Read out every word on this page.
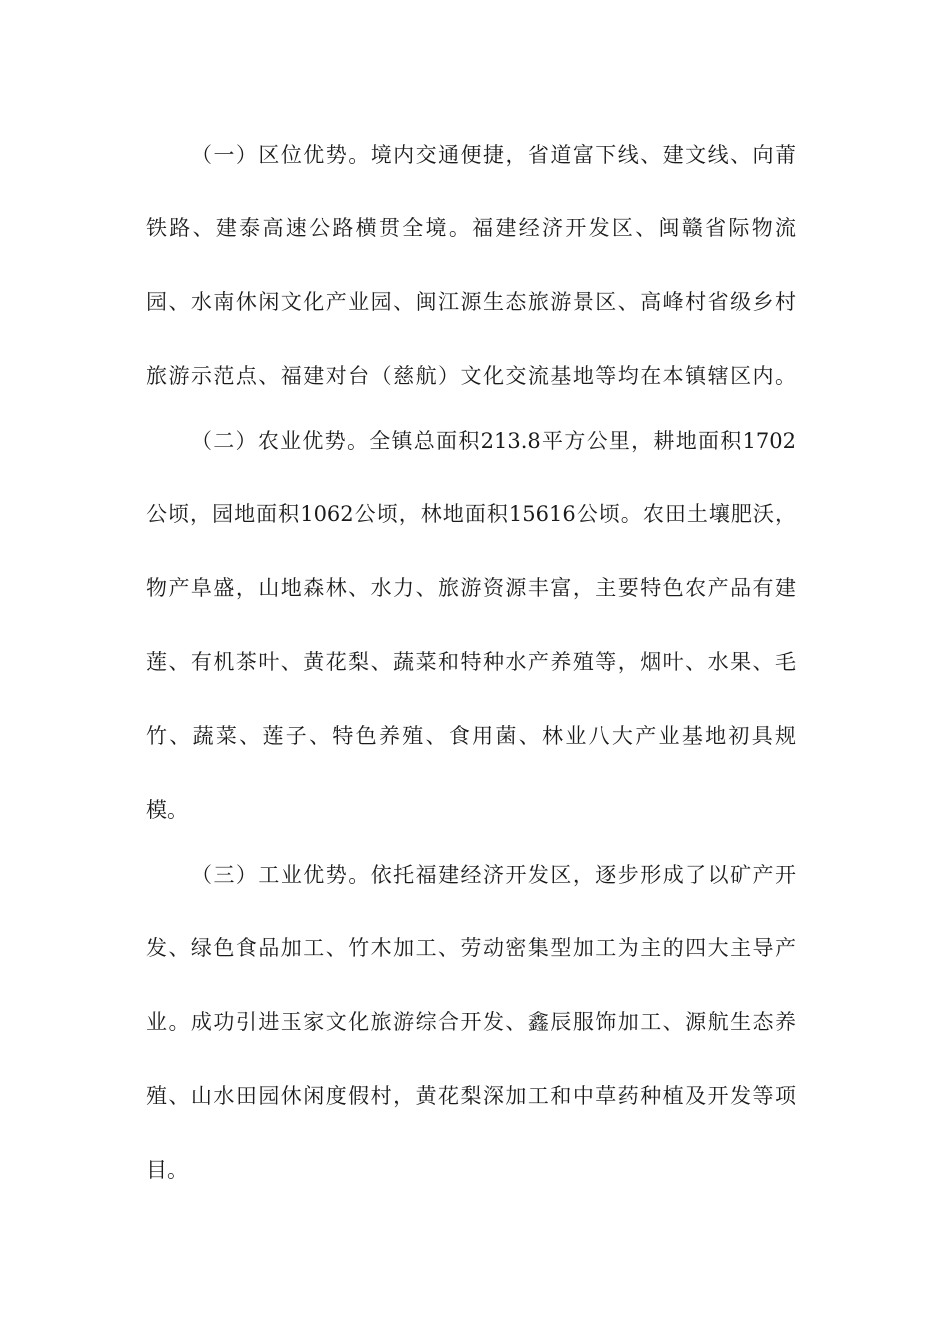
（一）区位优势。境内交通便捷，省道富下线、建文线、向莆
铁路、建泰高速公路横贯全境。福建经济开发区、闽赣省际物流
园、水南休闲文化产业园、闽江源生态旅游景区、高峰村省级乡村
旅游示范点、福建对台（慈航）文化交流基地等均在本镇辖区内。
（二）农业优势。全镇总面积213.8平方公里，耕地面积1702
公顷，园地面积1062公顷，林地面积15616公顷。农田土壤肥沃，
物产阜盛，山地森林、水力、旅游资源丰富，主要特色农产品有建
莲、有机茶叶、黄花梨、蔬菜和特种水产养殖等，烟叶、水果、毛
竹、蔬菜、莲子、特色养殖、食用菌、林业八大产业基地初具规
模。
（三）工业优势。依托福建经济开发区，逐步形成了以矿产开
发、绿色食品加工、竹木加工、劳动密集型加工为主的四大主导产
业。成功引进玉家文化旅游综合开发、鑫辰服饰加工、源航生态养
殖、山水田园休闲度假村，黄花梨深加工和中草药种植及开发等项
目。
